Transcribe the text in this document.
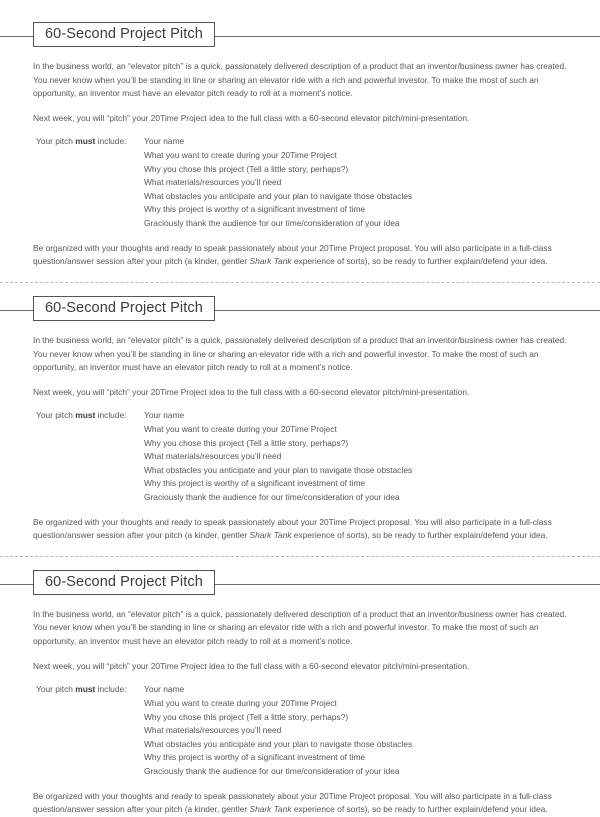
60-Second Project Pitch

In the business world, an “elevator pitch” is a quick, passionately delivered description of a product that an inventor/business owner has created. You never know when you’ll be standing in line or sharing an elevator ride with a rich and powerful investor. To make the most of such an opportunity, an inventor must have an elevator pitch ready to roll at a moment’s notice.

Next week, you will “pitch” your 20Time Project idea to the full class with a 60-second elevator pitch/mini-presentation.

Your pitch must include:	Your name
What you want to create during your 20Time Project
Why you chose this project (Tell a little story, perhaps?)
What materials/resources you’ll need
What obstacles you anticipate and your plan to navigate those obstacles
Why this project is worthy of a significant investment of time
Graciously thank the audience for our time/consideration of your idea

Be organized with your thoughts and ready to speak passionately about your 20Time Project proposal. You will also participate in a full-class question/answer session after your pitch (a kinder, gentler Shark Tank experience of sorts), so be ready to further explain/defend your idea.

60-Second Project Pitch

In the business world, an “elevator pitch” is a quick, passionately delivered description of a product that an inventor/business owner has created. You never know when you’ll be standing in line or sharing an elevator ride with a rich and powerful investor. To make the most of such an opportunity, an inventor must have an elevator pitch ready to roll at a moment’s notice.

Next week, you will “pitch” your 20Time Project idea to the full class with a 60-second elevator pitch/mini-presentation.

Your pitch must include:	Your name
What you want to create during your 20Time Project
Why you chose this project (Tell a little story, perhaps?)
What materials/resources you’ll need
What obstacles you anticipate and your plan to navigate those obstacles
Why this project is worthy of a significant investment of time
Graciously thank the audience for our time/consideration of your idea

Be organized with your thoughts and ready to speak passionately about your 20Time Project proposal. You will also participate in a full-class question/answer session after your pitch (a kinder, gentler Shark Tank experience of sorts), so be ready to further explain/defend your idea.

60-Second Project Pitch

In the business world, an “elevator pitch” is a quick, passionately delivered description of a product that an inventor/business owner has created. You never know when you’ll be standing in line or sharing an elevator ride with a rich and powerful investor. To make the most of such an opportunity, an inventor must have an elevator pitch ready to roll at a moment’s notice.

Next week, you will “pitch” your 20Time Project idea to the full class with a 60-second elevator pitch/mini-presentation.

Your pitch must include:	Your name
What you want to create during your 20Time Project
Why you chose this project (Tell a little story, perhaps?)
What materials/resources you’ll need
What obstacles you anticipate and your plan to navigate those obstacles
Why this project is worthy of a significant investment of time
Graciously thank the audience for our time/consideration of your idea

Be organized with your thoughts and ready to speak passionately about your 20Time Project proposal. You will also participate in a full-class question/answer session after your pitch (a kinder, gentler Shark Tank experience of sorts), so be ready to further explain/defend your idea.
